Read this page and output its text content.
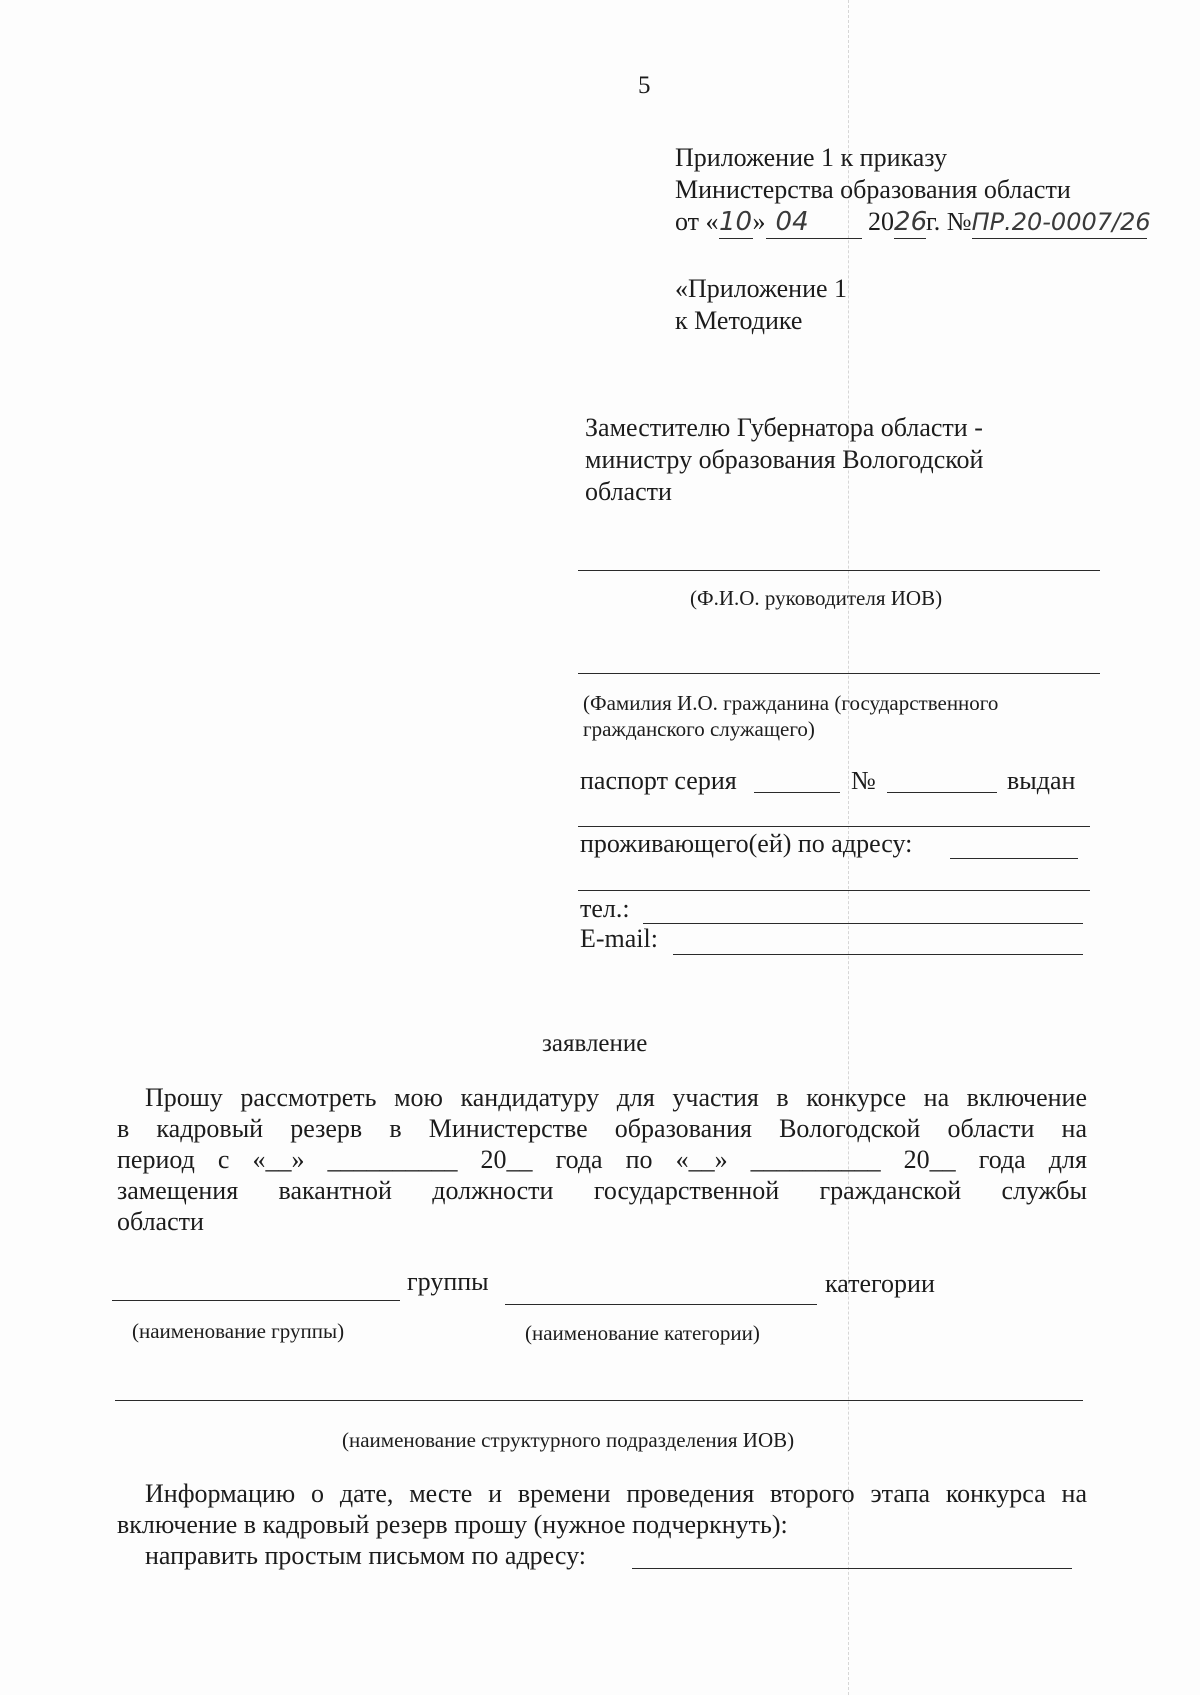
5
Приложение 1 к приказу
Министерства образования области
от «10» 04 2026г. №ПР.20-0007/26
«Приложение 1
к Методике
Заместителю Губернатора области -
министру образования Вологодской
области
(Ф.И.О. руководителя ИОВ)
(Фамилия И.О. гражданина (государственного
гражданского служащего)
паспорт серия	№	выдан
проживающего(ей) по адресу:
тел.:
E-mail:
заявление
Прошу рассмотреть мою кандидатуру для участия в конкурсе на включение
в кадровый резерв в Министерстве образования Вологодской области на
период с «__» __________ 20__ года по «__» __________ 20__ года для
замещения вакантной должности государственной гражданской службы
области
группы	категории
(наименование группы)	(наименование категории)
(наименование структурного подразделения ИОВ)
Информацию о дате, месте и времени проведения второго этапа конкурса на
включение в кадровый резерв прошу (нужное подчеркнуть):
направить простым письмом по адресу:
